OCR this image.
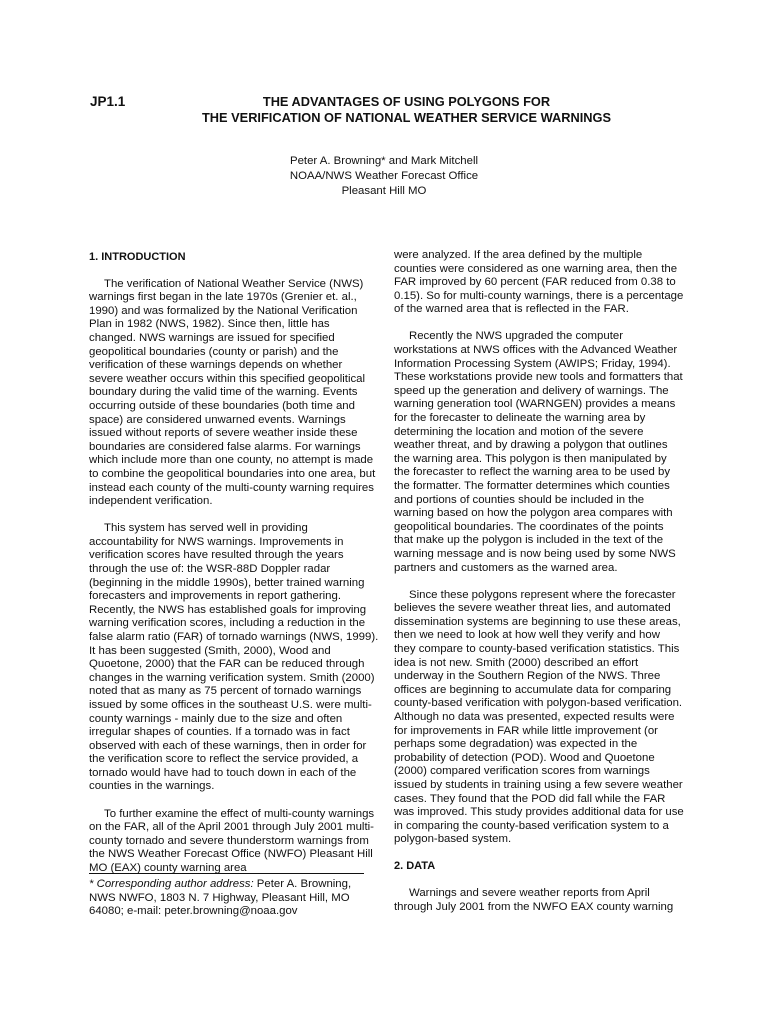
JP1.1	THE ADVANTAGES OF USING POLYGONS FOR
THE VERIFICATION OF NATIONAL WEATHER SERVICE WARNINGS
Peter A. Browning* and Mark Mitchell
NOAA/NWS Weather Forecast Office
Pleasant Hill MO
1. INTRODUCTION

The verification of National Weather Service (NWS) warnings first began in the late 1970s (Grenier et. al., 1990) and was formalized by the National Verification Plan in 1982 (NWS, 1982). Since then, little has changed. NWS warnings are issued for specified geopolitical boundaries (county or parish) and the verification of these warnings depends on whether severe weather occurs within this specified geopolitical boundary during the valid time of the warning. Events occurring outside of these boundaries (both time and space) are considered unwarned events. Warnings issued without reports of severe weather inside these boundaries are considered false alarms. For warnings which include more than one county, no attempt is made to combine the geopolitical boundaries into one area, but instead each county of the multi-county warning requires independent verification.

This system has served well in providing accountability for NWS warnings. Improvements in verification scores have resulted through the years through the use of: the WSR-88D Doppler radar (beginning in the middle 1990s), better trained warning forecasters and improvements in report gathering. Recently, the NWS has established goals for improving warning verification scores, including a reduction in the false alarm ratio (FAR) of tornado warnings (NWS, 1999). It has been suggested (Smith, 2000), Wood and Quoetone, 2000) that the FAR can be reduced through changes in the warning verification system. Smith (2000) noted that as many as 75 percent of tornado warnings issued by some offices in the southeast U.S. were multi-county warnings - mainly due to the size and often irregular shapes of counties. If a tornado was in fact observed with each of these warnings, then in order for the verification score to reflect the service provided, a tornado would have had to touch down in each of the counties in the warnings.

To further examine the effect of multi-county warnings on the FAR, all of the April 2001 through July 2001 multi-county tornado and severe thunderstorm warnings from the NWS Weather Forecast Office (NWFO) Pleasant Hill MO (EAX) county warning area

* Corresponding author address: Peter A. Browning, NWS NWFO, 1803 N. 7 Highway, Pleasant Hill, MO 64080; e-mail: peter.browning@noaa.gov

were analyzed. If the area defined by the multiple counties were considered as one warning area, then the FAR improved by 60 percent (FAR reduced from 0.38 to 0.15). So for multi-county warnings, there is a percentage of the warned area that is reflected in the FAR.

Recently the NWS upgraded the computer workstations at NWS offices with the Advanced Weather Information Processing System (AWIPS; Friday, 1994). These workstations provide new tools and formatters that speed up the generation and delivery of warnings. The warning generation tool (WARNGEN) provides a means for the forecaster to delineate the warning area by determining the location and motion of the severe weather threat, and by drawing a polygon that outlines the warning area. This polygon is then manipulated by the forecaster to reflect the warning area to be used by the formatter. The formatter determines which counties and portions of counties should be included in the warning based on how the polygon area compares with geopolitical boundaries. The coordinates of the points that make up the polygon is included in the text of the warning message and is now being used by some NWS partners and customers as the warned area.

Since these polygons represent where the forecaster believes the severe weather threat lies, and automated dissemination systems are beginning to use these areas, then we need to look at how well they verify and how they compare to county-based verification statistics. This idea is not new. Smith (2000) described an effort underway in the Southern Region of the NWS. Three offices are beginning to accumulate data for comparing county-based verification with polygon-based verification. Although no data was presented, expected results were for improvements in FAR while little improvement (or perhaps some degradation) was expected in the probability of detection (POD). Wood and Quoetone (2000) compared verification scores from warnings issued by students in training using a few severe weather cases. They found that the POD did fall while the FAR was improved. This study provides additional data for use in comparing the county-based verification system to a polygon-based system.

2. DATA

Warnings and severe weather reports from April through July 2001 from the NWFO EAX county warning
